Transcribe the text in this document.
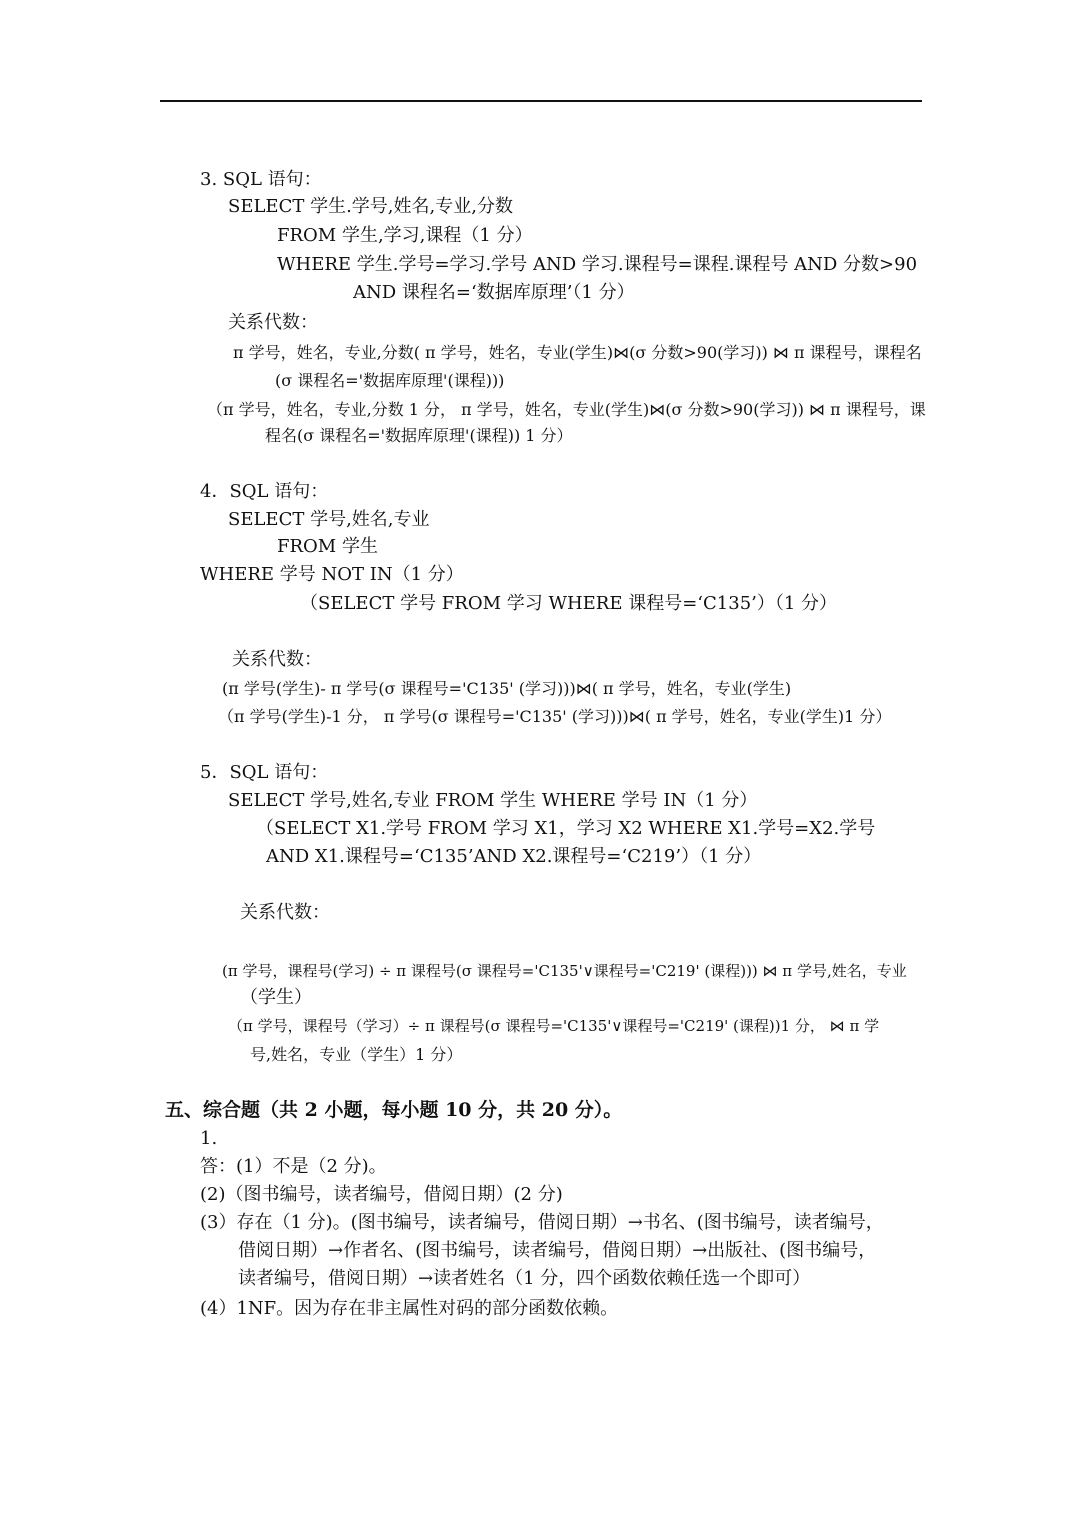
3. SQL 语句：
SELECT 学生.学号,姓名,专业,分数
FROM 学生,学习,课程（1 分）
WHERE 学生.学号=学习.学号 AND 学习.课程号=课程.课程号 AND 分数>90
AND 课程名=‘数据库原理’（1 分）
关系代数：
π 学号，姓名，专业,分数( π 学号，姓名，专业(学生)⋈(σ 分数>90(学习)) ⋈ π 课程号，课程名
(σ 课程名='数据库原理'(课程)))
（π 学号，姓名，专业,分数 1 分， π 学号，姓名，专业(学生)⋈(σ 分数>90(学习)) ⋈ π 课程号，课
程名(σ 课程名='数据库原理'(课程)) 1 分）
4．SQL 语句：
SELECT 学号,姓名,专业
FROM 学生
WHERE 学号 NOT IN（1 分）
（SELECT 学号 FROM 学习 WHERE 课程号=‘C135’）（1 分）
关系代数：
(π 学号(学生)- π 学号(σ 课程号='C135' (学习)))⋈( π 学号，姓名，专业(学生)
（π 学号(学生)-1 分， π 学号(σ 课程号='C135' (学习)))⋈( π 学号，姓名，专业(学生)1 分）
5．SQL 语句：
SELECT 学号,姓名,专业 FROM 学生 WHERE 学号 IN（1 分）
（SELECT X1.学号 FROM 学习 X1，学习 X2 WHERE X1.学号=X2.学号
AND X1.课程号=‘C135’AND X2.课程号=‘C219’）（1 分）
关系代数：
(π 学号，课程号(学习) ÷ π 课程号(σ 课程号='C135'∨课程号='C219' (课程))) ⋈ π 学号,姓名，专业
（学生）
（π 学号，课程号（学习）÷ π 课程号(σ 课程号='C135'∨课程号='C219' (课程))1 分， ⋈ π 学
号,姓名，专业（学生）1 分）
五、综合题（共 2 小题，每小题 10 分，共 20 分）。
1.
答：(1）不是（2 分)。
(2)（图书编号，读者编号，借阅日期）(2 分)
(3）存在（1 分)。(图书编号，读者编号，借阅日期）→书名、(图书编号，读者编号，
借阅日期）→作者名、(图书编号，读者编号，借阅日期）→出版社、(图书编号，
读者编号，借阅日期）→读者姓名（1 分，四个函数依赖任选一个即可）
(4）1NF。因为存在非主属性对码的部分函数依赖。
